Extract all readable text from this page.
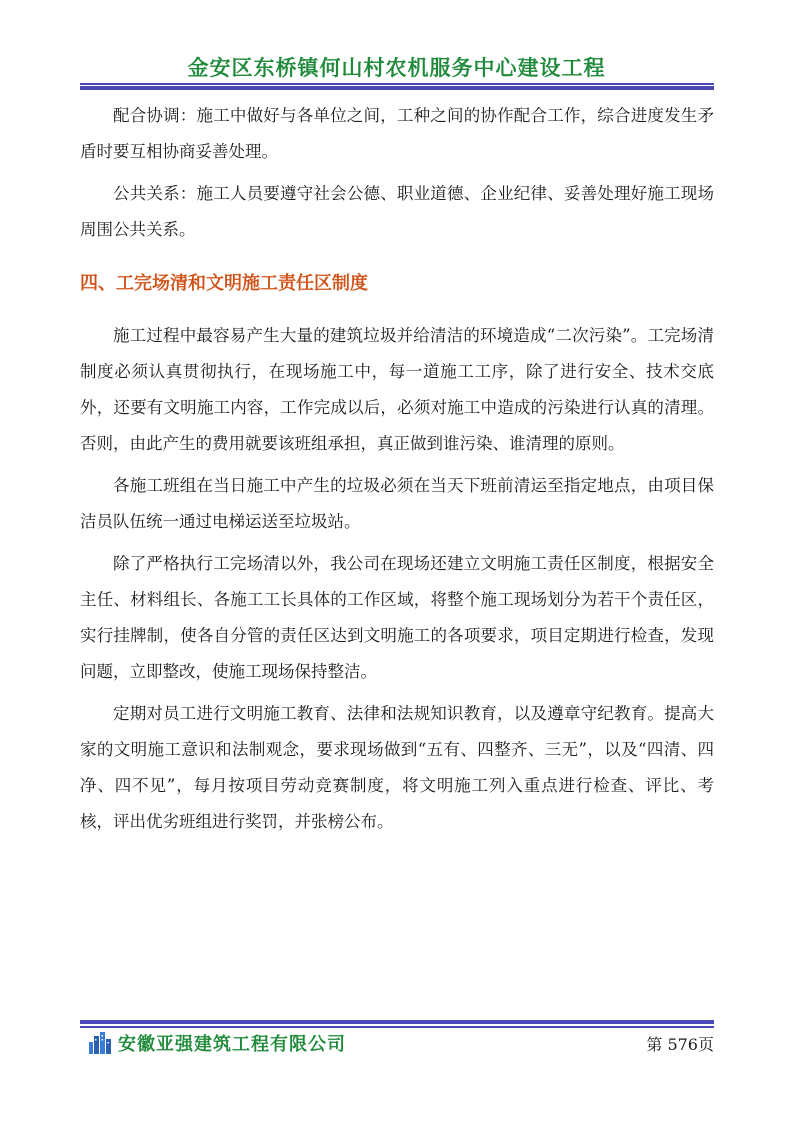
金安区东桥镇何山村农机服务中心建设工程

配合协调：施工中做好与各单位之间，工种之间的协作配合工作，综合进度发生矛盾时要互相协商妥善处理。

公共关系：施工人员要遵守社会公德、职业道德、企业纪律、妥善处理好施工现场周围公共关系。

四、工完场清和文明施工责任区制度

施工过程中最容易产生大量的建筑垃圾并给清洁的环境造成“二次污染”。工完场清制度必须认真贯彻执行，在现场施工中，每一道施工工序，除了进行安全、技术交底外，还要有文明施工内容，工作完成以后，必须对施工中造成的污染进行认真的清理。否则，由此产生的费用就要该班组承担，真正做到谁污染、谁清理的原则。

各施工班组在当日施工中产生的垃圾必须在当天下班前清运至指定地点，由项目保洁员队伍统一通过电梯运送至垃圾站。

除了严格执行工完场清以外，我公司在现场还建立文明施工责任区制度，根据安全主任、材料组长、各施工工长具体的工作区域，将整个施工现场划分为若干个责任区，实行挂牌制，使各自分管的责任区达到文明施工的各项要求，项目定期进行检查，发现问题，立即整改，使施工现场保持整洁。

定期对员工进行文明施工教育、法律和法规知识教育，以及遵章守纪教育。提高大家的文明施工意识和法制观念，要求现场做到“五有、四整齐、三无”，以及“四清、四净、四不见”，每月按项目劳动竞赛制度，将文明施工列入重点进行检查、评比、考核，评出优劣班组进行奖罚，并张榜公布。

安徽亚强建筑工程有限公司	第 576页
